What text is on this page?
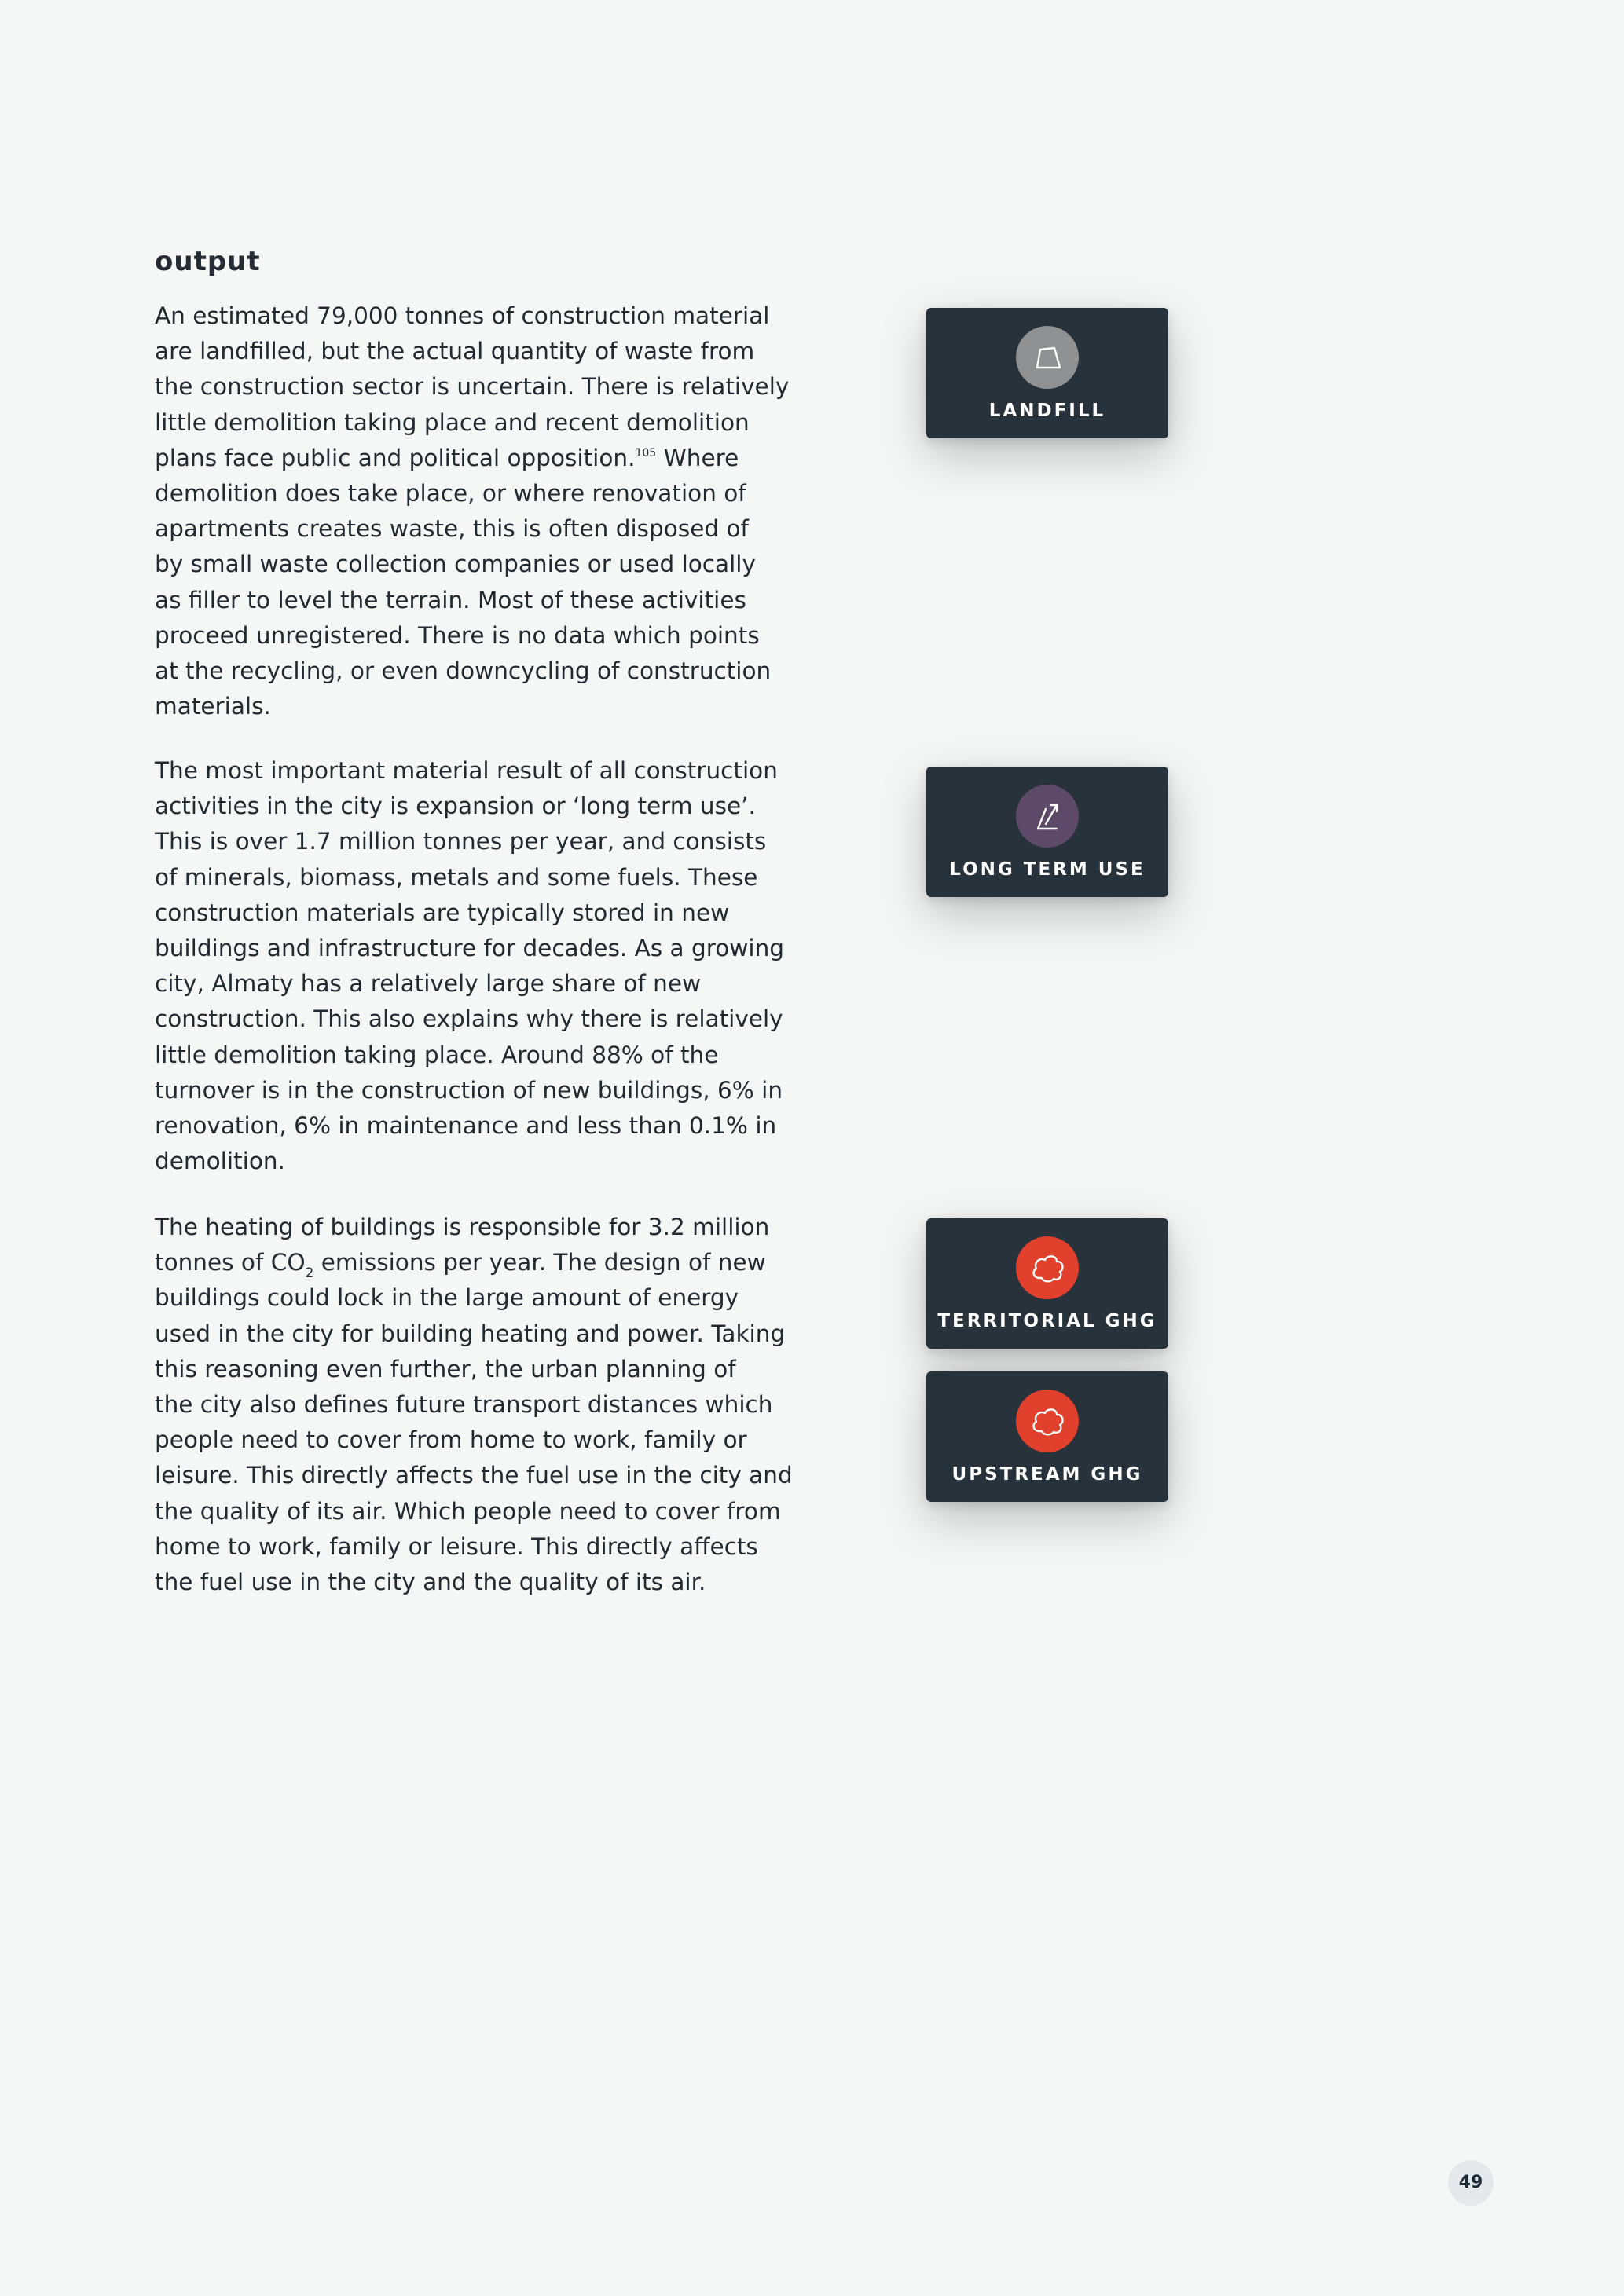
output

An estimated 79,000 tonnes of construction material
are landfilled, but the actual quantity of waste from
the construction sector is uncertain. There is relatively
little demolition taking place and recent demolition
plans face public and political opposition.$^{105}$ Where
demolition does take place, or where renovation of
apartments creates waste, this is often disposed of
by small waste collection companies or used locally
as filler to level the terrain. Most of these activities
proceed unregistered. There is no data which points
at the recycling, or even downcycling of construction
materials.

The most important material result of all construction
activities in the city is expansion or ‘long term use’.
This is over 1.7 million tonnes per year, and consists
of minerals, biomass, metals and some fuels. These
construction materials are typically stored in new
buildings and infrastructure for decades. As a growing
city, Almaty has a relatively large share of new
construction. This also explains why there is relatively
little demolition taking place. Around 88% of the
turnover is in the construction of new buildings, 6% in
renovation, 6% in maintenance and less than 0.1% in
demolition.

The heating of buildings is responsible for 3.2 million
tonnes of $CO_2$ emissions per year. The design of new
buildings could lock in the large amount of energy
used in the city for building heating and power. Taking
this reasoning even further, the urban planning of
the city also defines future transport distances which
people need to cover from home to work, family or
leisure. This directly affects the fuel use in the city and
the quality of its air. Which people need to cover from
home to work, family or leisure. This directly affects
the fuel use in the city and the quality of its air.

LANDFILL
LONG TERM USE
TERRITORIAL GHG
UPSTREAM GHG
49
